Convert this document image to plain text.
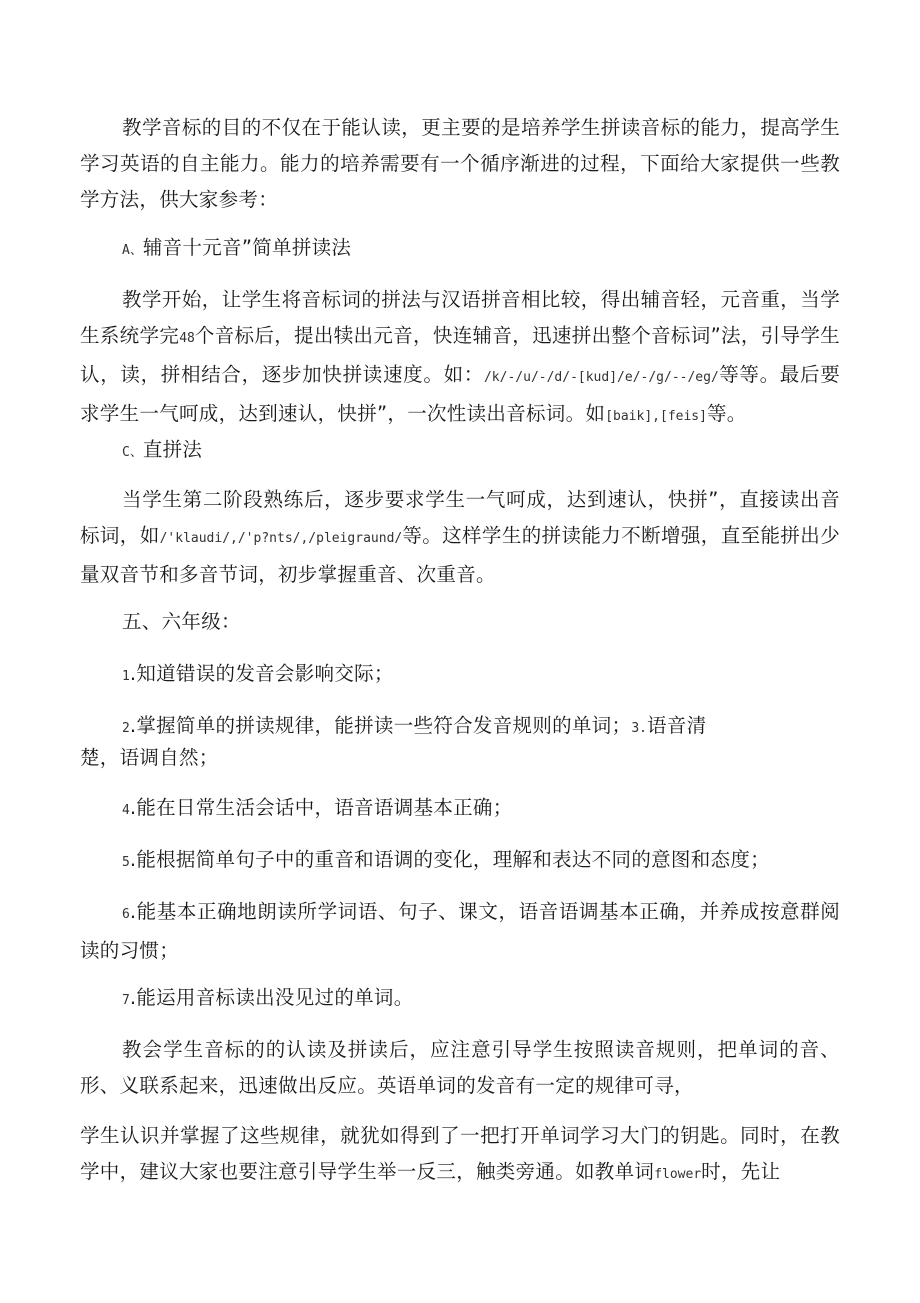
教学音标的目的不仅在于能认读，更主要的是培养学生拼读音标的能力，提高学生学习英语的自主能力。能力的培养需要有一个循序渐进的过程，下面给大家提供一些教学方法，供大家参考：

A、辅音十元音”简单拼读法

教学开始，让学生将音标词的拼法与汉语拼音相比较，得出辅音轻，元音重，当学生系统学完48个音标后，提出犊出元音，快连辅音，迅速拼出整个音标词”法，引导学生认，读，拼相结合，逐步加快拼读速度。如：/k/-/u/-/d/-[kud]/e/-/g/--/eg/等等。最后要求学生一气呵成，达到速认，快拼”，一次性读出音标词。如[baik],[feis]等。

C、直拼法

当学生第二阶段熟练后，逐步要求学生一气呵成，达到速认，快拼”，直接读出音标词，如/'klaudi/,/'p?nts/,/pleigraund/等。这样学生的拼读能力不断增强，直至能拼出少量双音节和多音节词，初步掌握重音、次重音。

五、六年级：

1.知道错误的发音会影响交际；

2.掌握简单的拼读规律，能拼读一些符合发音规则的单词；3.语音清

楚，语调自然；

4.能在日常生活会话中，语音语调基本正确；

5.能根据简单句子中的重音和语调的变化，理解和表达不同的意图和态度；

6.能基本正确地朗读所学词语、句子、课文，语音语调基本正确，并养成按意群阅读的习惯；

7.能运用音标读出没见过的单词。

教会学生音标的的认读及拼读后，应注意引导学生按照读音规则，把单词的音、形、义联系起来，迅速做出反应。英语单词的发音有一定的规律可寻，

学生认识并掌握了这些规律，就犹如得到了一把打开单词学习大门的钥匙。同时，在教学中，建议大家也要注意引导学生举一反三，触类旁通。如教单词flower时，先让
